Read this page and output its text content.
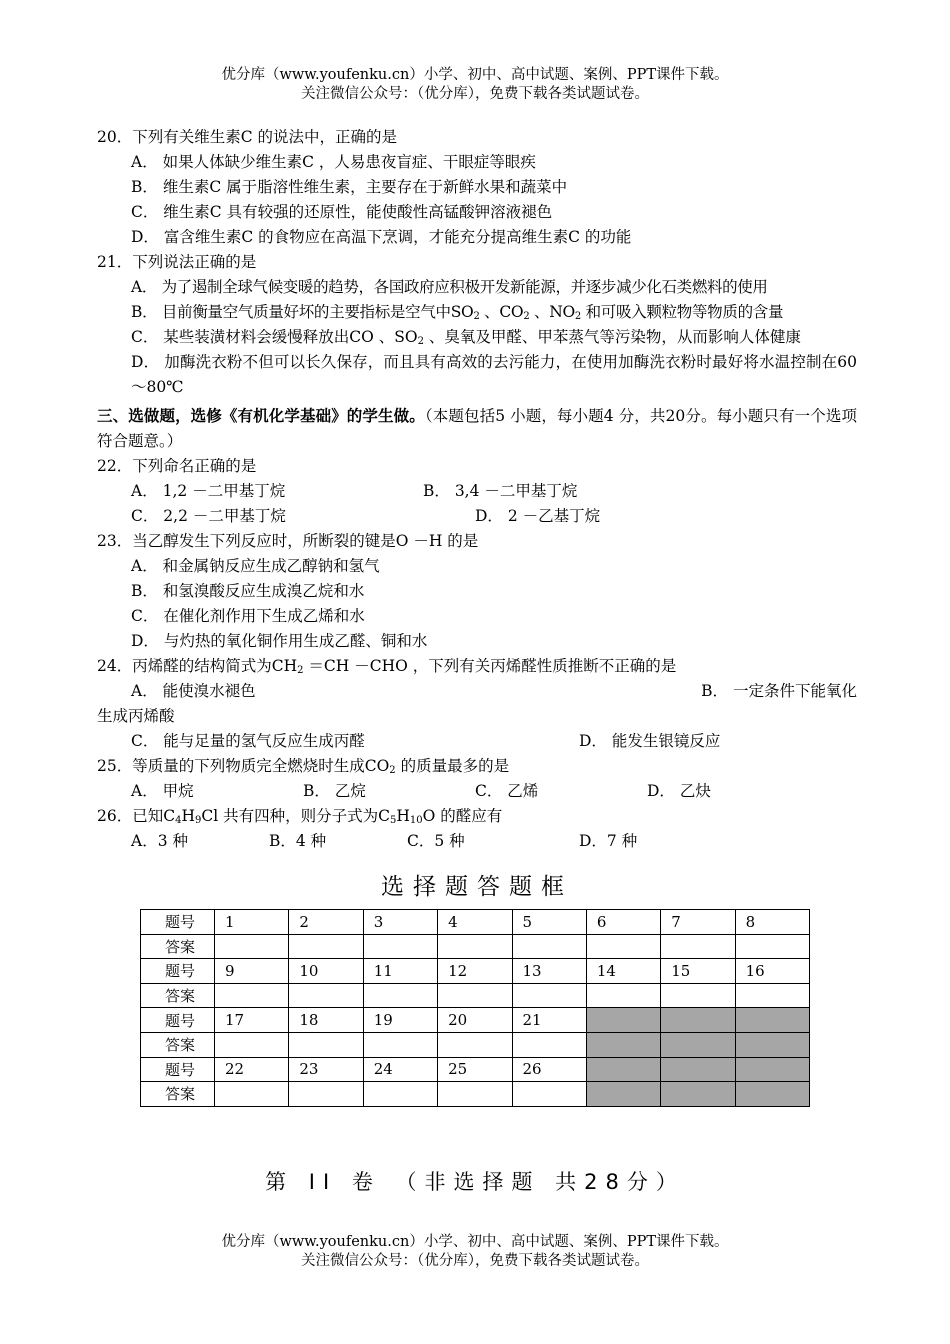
优分库（www.youfenku.cn）小学、初中、高中试题、案例、PPT课件下载。
关注微信公众号：（优分库），免费下载各类试题试卷。
20．下列有关维生素C 的说法中，正确的是
A． 如果人体缺少维生素C ，人易患夜盲症、干眼症等眼疾
B． 维生素C 属于脂溶性维生素，主要存在于新鲜水果和蔬菜中
C． 维生素C 具有较强的还原性，能使酸性高锰酸钾溶液褪色
D． 富含维生素C 的食物应在高温下烹调，才能充分提高维生素C 的功能
21．下列说法正确的是
A． 为了遏制全球气候变暖的趋势，各国政府应积极开发新能源，并逐步减少化石类燃料的使用
B． 目前衡量空气质量好坏的主要指标是空气中$SO_2$ 、$CO_2$ 、$NO_2$ 和可吸入颗粒物等物质的含量
C． 某些装潢材料会缓慢释放出CO 、$SO_2$ 、臭氧及甲醛、甲苯蒸气等污染物，从而影响人体健康
D． 加酶洗衣粉不但可以长久保存，而且具有高效的去污能力，在使用加酶洗衣粉时最好将水温控制在60～80℃
三、选做题，选修《有机化学基础》的学生做。（本题包括5 小题，每小题4 分，共20分。每小题只有一个选项符合题意。）
22．下列命名正确的是
A． 1,2 －二甲基丁烷	B． 3,4 －二甲基丁烷
C． 2,2 －二甲基丁烷	D． 2 －乙基丁烷
23．当乙醇发生下列反应时，所断裂的键是O －H 的是
A． 和金属钠反应生成乙醇钠和氢气
B． 和氢溴酸反应生成溴乙烷和水
C． 在催化剂作用下生成乙烯和水
D． 与灼热的氧化铜作用生成乙醛、铜和水
24．丙烯醛的结构简式为$CH_2 =CH -CHO$ ，下列有关丙烯醛性质推断不正确的是
A． 能使溴水褪色	B． 一定条件下能氧化
生成丙烯酸
C． 能与足量的氢气反应生成丙醛	D． 能发生银镜反应
25．等质量的下列物质完全燃烧时生成$CO_2$ 的质量最多的是
A． 甲烷	B． 乙烷	C． 乙烯	D． 乙炔
26．已知$C_4H_9Cl$ 共有四种，则分子式为$C_5H_{10}O$ 的醛应有
A．3 种	B．4 种	C．5 种	D．7 种
选择题答题框
题号	1	2	3	4	5	6	7	8
答案								
题号	9	10	11	12	13	14	15	16
答案								
题号	17	18	19	20	21			
答案								
题号	22	23	24	25	26			
答案								
第 II 卷 （非选择题 共28分）
优分库（www.youfenku.cn）小学、初中、高中试题、案例、PPT课件下载。
关注微信公众号：（优分库），免费下载各类试题试卷。
